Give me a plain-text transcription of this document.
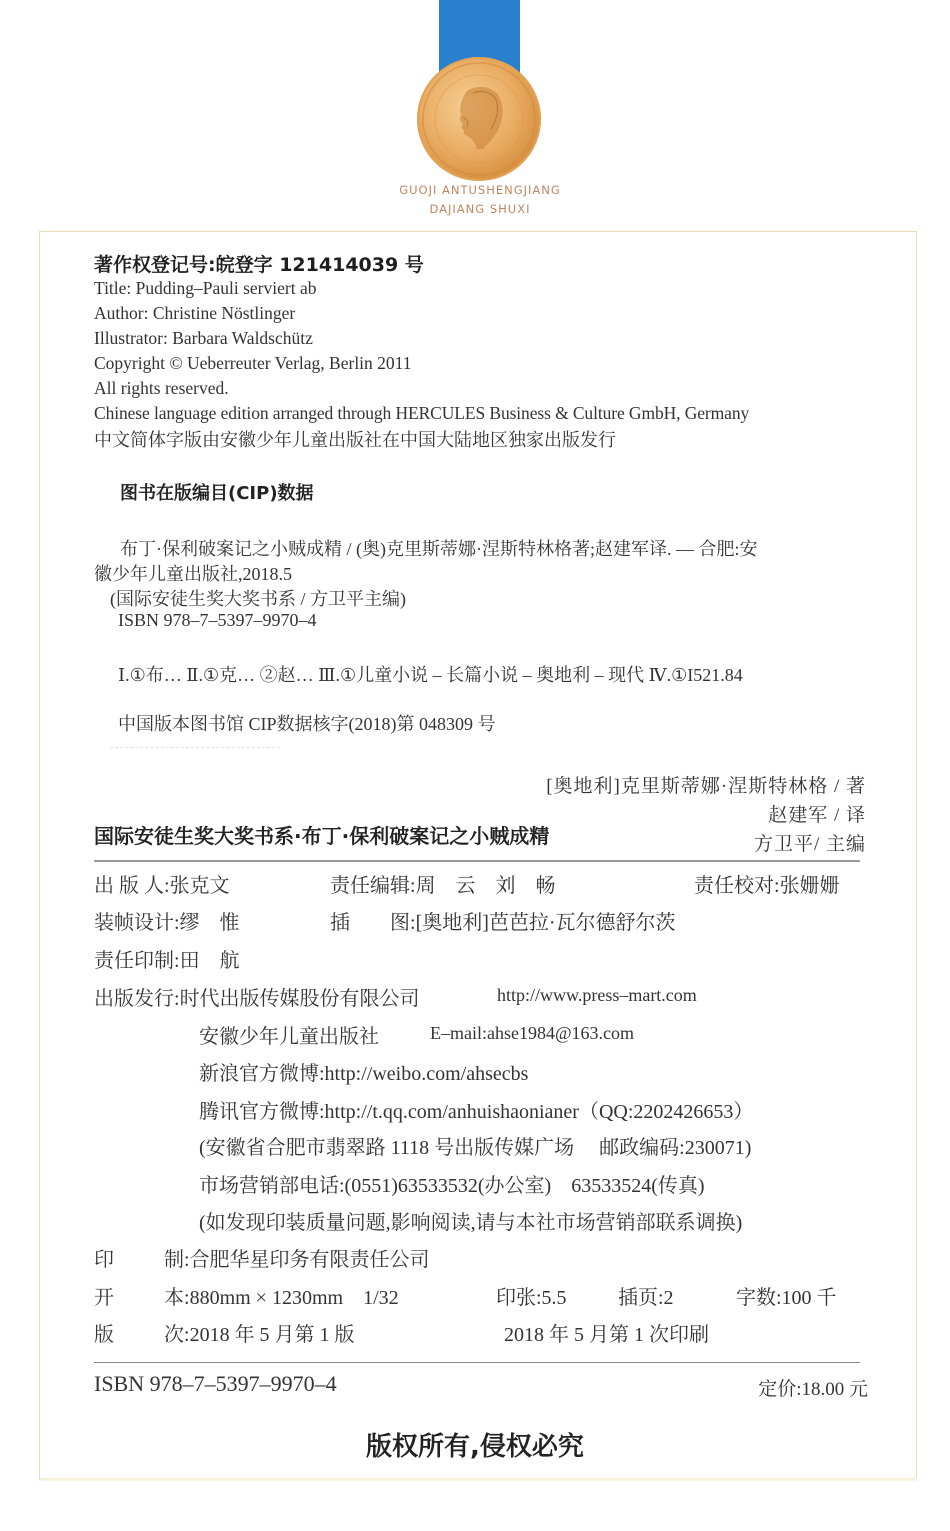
GUOJI ANTUSHENGJIANG
DAJIANG SHUXI
著作权登记号:皖登字 121414039 号
Title: Pudding–Pauli serviert ab
Author: Christine Nöstlinger
Illustrator: Barbara Waldschütz
Copyright © Ueberreuter Verlag, Berlin 2011
All rights reserved.
Chinese language edition arranged through HERCULES Business & Culture GmbH, Germany
中文简体字版由安徽少年儿童出版社在中国大陆地区独家出版发行
图书在版编目(CIP)数据
布丁·保利破案记之小贼成精 / (奥)克里斯蒂娜·涅斯特林格著;赵建军译. — 合肥:安
徽少年儿童出版社,2018.5
(国际安徒生奖大奖书系 / 方卫平主编)
ISBN 978–7–5397–9970–4
Ⅰ.①布… Ⅱ.①克… ②赵… Ⅲ.①儿童小说 – 长篇小说 – 奥地利 – 现代 Ⅳ.①I521.84
中国版本图书馆 CIP数据核字(2018)第 048309 号
[奥地利]克里斯蒂娜·涅斯特林格 / 著
赵建军 / 译
方卫平/ 主编
国际安徒生奖大奖书系·布丁·保利破案记之小贼成精
出 版 人:张克文	责任编辑:周　云　刘　畅	责任校对:张姗姗
装帧设计:缪　惟	插　　图:[奥地利]芭芭拉·瓦尔德舒尔茨
责任印制:田　航
出版发行:时代出版传媒股份有限公司	http://www.press–mart.com
安徽少年儿童出版社	E–mail:ahse1984@163.com
新浪官方微博:http://weibo.com/ahsecbs
腾讯官方微博:http://t.qq.com/anhuishaonianer（QQ:2202426653）
(安徽省合肥市翡翠路 1118 号出版传媒广场　 邮政编码:230071)
市场营销部电话:(0551)63533532(办公室)　63533524(传真)
(如发现印装质量问题,影响阅读,请与本社市场营销部联系调换)
印	制:合肥华星印务有限责任公司
开	本:880mm × 1230mm　1/32	印张:5.5	插页:2	字数:100 千
版	次:2018 年 5 月第 1 版	2018 年 5 月第 1 次印刷
ISBN 978–7–5397–9970–4	定价:18.00 元
版权所有,侵权必究
